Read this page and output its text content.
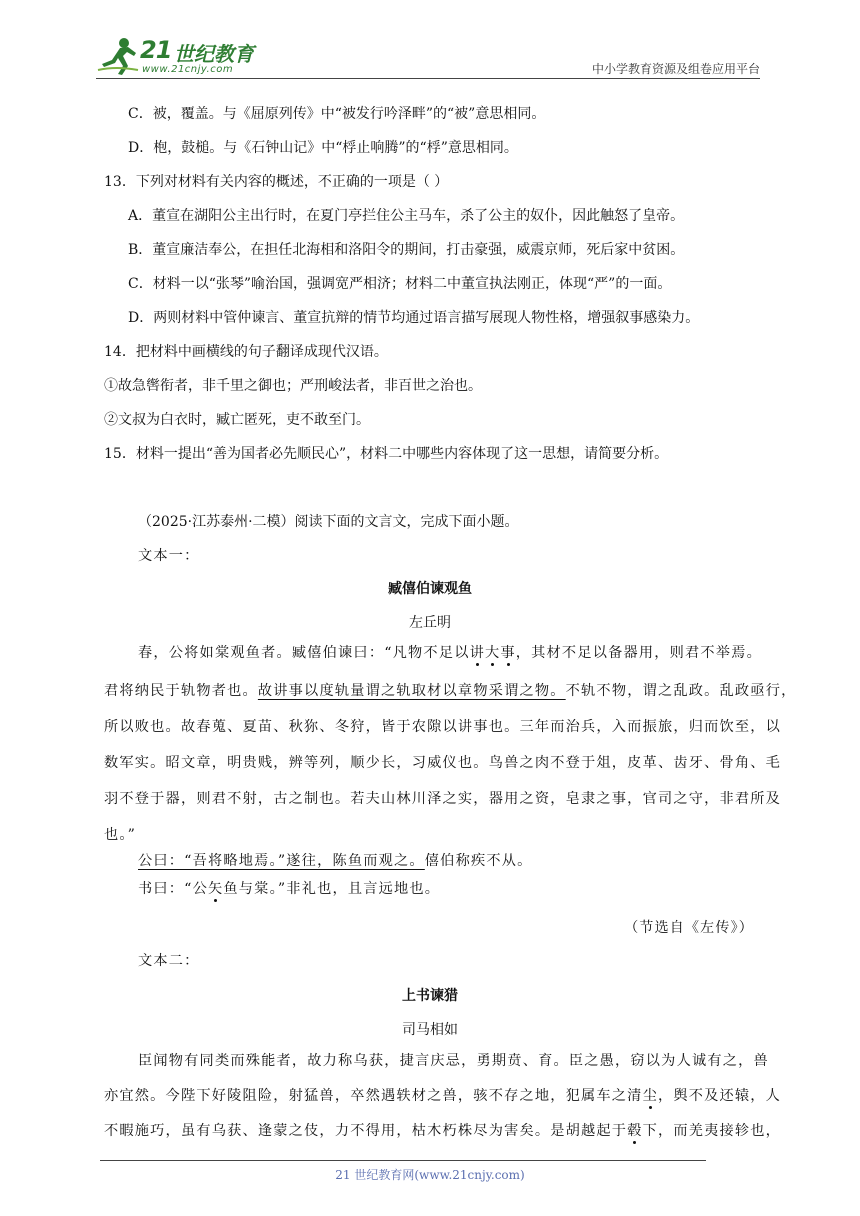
21 世纪教育
www.21cnjy.com	中小学教育资源及组卷应用平台
C．被，覆盖。与《屈原列传》中“被发行吟泽畔”的“被”意思相同。
D．枹，鼓槌。与《石钟山记》中“桴止响腾”的“桴”意思相同。
13．下列对材料有关内容的概述，不正确的一项是（ ）
A．董宣在湖阳公主出行时，在夏门亭拦住公主马车，杀了公主的奴仆，因此触怒了皇帝。
B．董宣廉洁奉公，在担任北海相和洛阳令的期间，打击豪强，威震京师，死后家中贫困。
C．材料一以“张琴”喻治国，强调宽严相济；材料二中董宣执法刚正，体现“严”的一面。
D．两则材料中管仲谏言、董宣抗辩的情节均通过语言描写展现人物性格，增强叙事感染力。
14．把材料中画横线的句子翻译成现代汉语。
①故急辔衔者，非千里之御也；严刑峻法者，非百世之治也。
②文叔为白衣时，臧亡匿死，吏不敢至门。
15．材料一提出“善为国者必先顺民心”，材料二中哪些内容体现了这一思想，请简要分析。
（2025·江苏泰州·二模）阅读下面的文言文，完成下面小题。
文本一：
臧僖伯谏观鱼
左丘明
春，公将如棠观鱼者。臧僖伯谏曰：“凡物不足以讲大事，其材不足以备器用，则君不举焉。
君将纳民于轨物者也。故讲事以度轨量谓之轨取材以章物采谓之物。不轨不物，谓之乱政。乱政亟行，
所以败也。故春蒐、夏苗、秋狝、冬狩，皆于农隙以讲事也。三年而治兵，入而振旅，归而饮至，以
数军实。昭文章，明贵贱，辨等列，顺少长，习威仪也。鸟兽之肉不登于俎，皮革、齿牙、骨角、毛
羽不登于器，则君不射，古之制也。若夫山林川泽之实，器用之资，皂隶之事，官司之守，非君所及
也。”
公曰：“吾将略地焉。”遂往，陈鱼而观之。僖伯称疾不从。
书曰：“公矢鱼与棠。”非礼也，且言远地也。
（节选自《左传》）
文本二：
上书谏猎
司马相如
臣闻物有同类而殊能者，故力称乌获，捷言庆忌，勇期贲、育。臣之愚，窃以为人诚有之，兽
亦宜然。今陛下好陵阻险，射猛兽，卒然遇轶材之兽，骇不存之地，犯属车之清尘，舆不及还辕，人
不暇施巧，虽有乌获、逢蒙之伎，力不得用，枯木朽株尽为害矣。是胡越起于毂下，而羌夷接轸也，
21 世纪教育网(www.21cnjy.com)
